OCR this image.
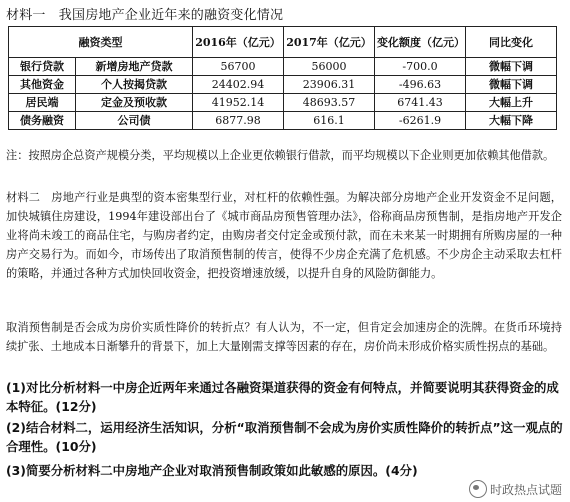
材料一　我国房地产企业近年来的融资变化情况
融资类型		2016年（亿元）	2017年（亿元）	变化额度（亿元）	同比变化
银行贷款	新增房地产贷款	56700	56000	-700.0	微幅下调
其他资金	个人按揭贷款	24402.94	23906.31	-496.63	微幅下调
居民端	定金及预收款	41952.14	48693.57	6741.43	大幅上升
债务融资	公司债	6877.98	616.1	-6261.9	大幅下降
注：按照房企总资产规模分类，平均规模以上企业更依赖银行借款，而平均规模以下企业则更加依赖其他借款。
材料二　房地产行业是典型的资本密集型行业，对杠杆的依赖性强。为解决部分房地产企业开发资金不足问题，加快城镇住房建设，1994年建设部出台了《城市商品房预售管理办法》，俗称商品房预售制，是指房地产开发企业将尚未竣工的商品住宅，与购房者约定，由购房者交付定金或预付款，而在未来某一时期拥有所购房屋的一种房产交易行为。而如今，市场传出了取消预售制的传言，使得不少房企充满了危机感。不少房企主动采取去杠杆的策略，并通过各种方式加快回收资金，把投资增速放缓，以提升自身的风险防御能力。
取消预售制是否会成为房价实质性降价的转折点？有人认为，不一定，但肯定会加速房企的洗牌。在货币环境持续扩张、土地成本日渐攀升的背景下，加上大量刚需支撑等因素的存在，房价尚未形成价格实质性拐点的基础。
(1)对比分析材料一中房企近两年来通过各融资渠道获得的资金有何特点，并简要说明其获得资金的成本特征。(12分)
(2)结合材料二，运用经济生活知识，分析“取消预售制不会成为房价实质性降价的转折点”这一观点的合理性。(10分)
(3)简要分析材料二中房地产企业对取消预售制政策如此敏感的原因。(4分)
时政热点试题
